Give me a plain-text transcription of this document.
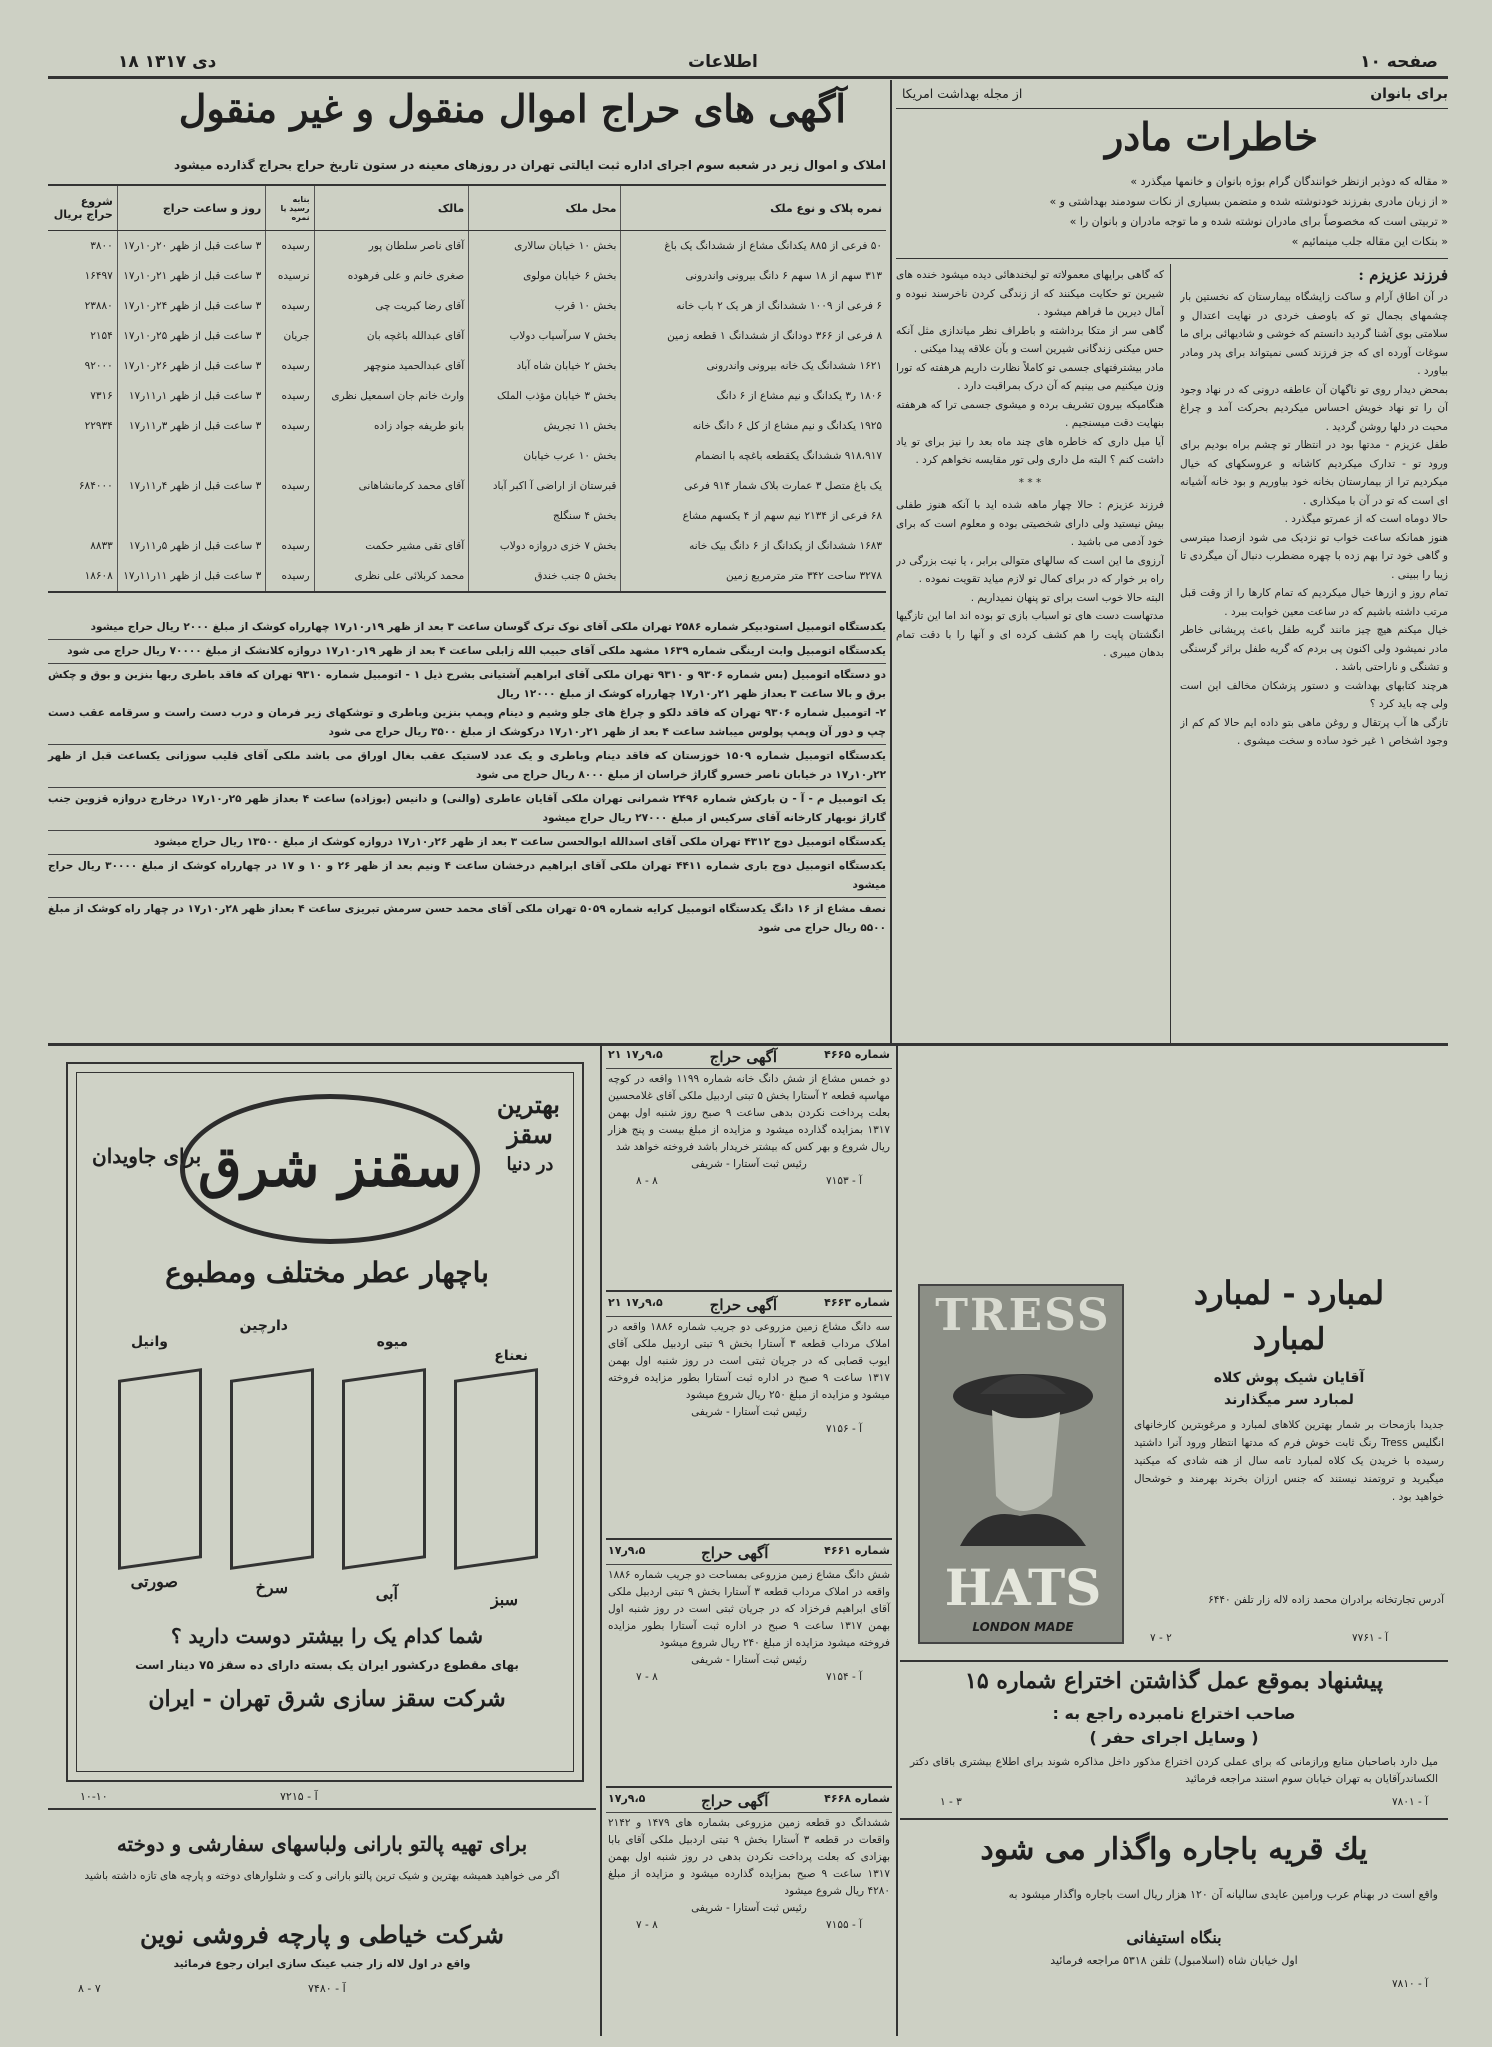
صفحه ۱۰
اطلاعات
۱۸ دی ۱۳۱۷
برای بانوان
از مجله بهداشت امریکا
خاطرات مادر

« مقاله که دوذیر ازنظر خوانندگان گرام بوژه بانوان و خانمها میگذرد »

« از زبان مادری بفرزند خودنوشته شده و متضمن بسیاری از نکات سودمند بهداشتی و »

« تربیتی است که مخصوصاً برای مادران نوشته شده و ما توجه مادران و بانوان را »

« بنکات این مقاله جلب مینمائیم »

فرزند عزیزم :

در آن اطاق آرام و ساکت زایشگاه بیمارستان که نخستین بار چشمهای بجمال تو که باوصف خردی در نهایت اعتدال و سلامتی بوی آشنا گردید دانستم که خوشی و شادیهائی برای ما سوغات آورده ای که جز فرزند کسی نمیتواند برای پدر ومادر بیاورد .

بمحض دیدار روی تو ناگهان آن عاطفه درونی که در نهاد وجود آن را تو نهاد خویش احساس میکردیم بحرکت آمد و چراغ محبت در دلها روشن گردید .

طفل عزیزم - مدتها بود در انتظار تو چشم براه بودیم برای ورود تو - تدارک میکردیم کاشانه و عروسکهای که خیال میکردیم ترا از بیمارستان بخانه خود بیاوریم و بود خانه آشیانه ای است که تو در آن با میکذاری .

حالا دوماه است که از عمرتو میگذرد .

هنوز همانکه ساعت خواب تو نزدیک می شود ازصدا میترسی و گاهی خود ترا بهم زده با چهره مضطرب دنبال آن میگردی تا زیبا را ببینی .

تمام روز و ازرها خیال میکردیم که تمام کارها را از وقت قبل مرتب داشته باشیم که در ساعت معین خوابت ببرد .

خیال میکنم هیچ چیز مانند گریه طفل باعث پریشانی خاطر مادر نمیشود ولی اکنون پی بردم که گریه طفل براثر گرسنگی و تشنگی و ناراحتی باشد .

هرچند کتابهای بهداشت و دستور پزشکان مخالف این است ولی چه باید کرد ؟

تازگی ها آب پرتقال و روغن ماهی بتو داده ایم حالا کم کم از وجود اشخاص ۱ غیر خود ساده و سخت میشوی .

که گاهی برایهای معمولاته تو لبخندهائی دیده میشود خنده های شیرین تو حکایت میکنند که از زندگی کردن ناخرسند نبوده و آمال دیرین ما فراهم میشود .

گاهی سر از متکا برداشته و باطراف نظر میاندازی مثل آنکه حس میکنی زندگانی شیرین است و بآن علاقه پیدا میکنی .

مادر بیشترفتهای جسمی تو کاملاً نظارت داریم هرهفته که تورا وزن میکنیم می بینیم که آن درک بمراقبت دارد .

هنگامیکه بیرون تشریف برده و میشوی جسمی ترا که هرهفته بنهایت دقت میسنجیم .

آیا میل داری که خاطره های چند ماه بعد را نیز برای تو یاد داشت کنم ؟ البته مل داری ولی تور مقایسه نخواهم کرد .

* * *

فرزند عزیزم : حالا چهار ماهه شده اید با آنکه هنوز طفلی بیش نیستید ولی دارای شخصیتی بوده و معلوم است که برای خود آدمی می باشید .

آرزوی ما این است که سالهای متوالی برابر ، یا نیت بزرگی در راه بر خوار که در برای کمال تو لازم میاید تقویت نموده .

البته حالا خوب است برای تو پنهان نمیداریم .

مدتهاست دست های تو اسباب بازی تو بوده اند اما این تازگیها انگشتان پایت را هم کشف کرده ای و آنها را با دقت تمام بدهان میبری .

آگهی های حراج اموال منقول و غیر منقول
املاک و اموال زیر در شعبه سوم اجرای اداره ثبت ایالتی تهران در روزهای معینه در ستون تاریخ حراج بحراج گذارده میشود
نمره پلاک و نوع ملک	محل ملک	مالک	بنابه رسید یا نمره	روز و ساعت حراج	شروع حراج بریال
۵۰ فرعی از ۸۸۵ یکدانگ مشاع از ششدانگ یک باغ	بخش ۱۰ خیابان سالاری	آقای ناصر سلطان پور	رسیده	۳ ساعت قبل از ظهر ۲۰ر۱۰ر۱۷	۳۸۰۰
۳۱۳ سهم از ۱۸ سهم ۶ دانگ بیرونی واندرونی	بخش ۶ خیابان مولوی	صغری خانم و علی فرهوده	نرسیده	۳ ساعت قبل از ظهر ۲۱ر۱۰ر۱۷	۱۶۴۹۷
۶ فرعی از ۱۰۰۹ ششدانگ از هر یک ۲ باب خانه	بخش ۱۰ قرب	آقای رضا کبریت چی	رسیده	۳ ساعت قبل از ظهر ۲۴ر۱۰ر۱۷	۲۳۸۸۰
۸ فرعی از ۳۶۶ دودانگ از ششدانگ ۱ قطعه زمین	بخش ۷ سرآسیاب دولاب	آقای عبدالله باغچه بان	جریان	۳ ساعت قبل از ظهر ۲۵ر۱۰ر۱۷	۲۱۵۴
۱۶۲۱ ششدانگ یک خانه بیرونی واندرونی	بخش ۲ خیابان شاه آباد	آقای عبدالحمید منوچهر	رسیده	۳ ساعت قبل از ظهر ۲۶ر۱۰ر۱۷	۹۲۰۰۰
۱۸۰۶ ر۳ یکدانگ و نیم مشاع از ۶ دانگ	بخش ۳ خیابان مؤذب الملک	وارث خانم جان اسمعیل نظری	رسیده	۳ ساعت قبل از ظهر ۱ر۱۱ر۱۷	۷۳۱۶
۱۹۲۵ یکدانگ و نیم مشاع از کل ۶ دانگ خانه	بخش ۱۱ تجریش	بانو طریفه جواد زاده	رسیده	۳ ساعت قبل از ظهر ۳ر۱۱ر۱۷	۲۲۹۳۴
۹۱۸،۹۱۷ ششدانگ یکقطعه باغچه با انضمام	بخش ۱۰ عرب خیابان				
یک باغ متصل ۳ عمارت بلاک شمار ۹۱۴ فرعی	قبرستان از اراضی آ اکبر آباد	آقای محمد کرمانشاهانی	رسیده	۳ ساعت قبل از ظهر ۴ر۱۱ر۱۷	۶۸۴۰۰۰
۶۸ فرعی از ۲۱۳۴ نیم سهم از ۴ یکسهم مشاع	بخش ۴ سنگلج				
۱۶۸۳ ششدانگ از یکدانگ از ۶ دانگ بیک خانه	بخش ۷ خزی دروازه دولاب	آقای تقی مشیر حکمت	رسیده	۳ ساعت قبل از ظهر ۵ر۱۱ر۱۷	۸۸۳۳
۳۲۷۸ ساحت ۳۴۲ متر مترمربع زمین	بخش ۵ جنب خندق	محمد کربلائی علی نظری	رسیده	۳ ساعت قبل از ظهر ۱۱ر۱۱ر۱۷	۱۸۶۰۸

یکدستگاه اتومبیل استودبیکر شماره ۲۵۸۶ تهران ملکی آقای نوک ترک گوسان ساعت ۳ بعد از ظهر ۱۹ر۱۰ر۱۷ چهارراه کوشک از مبلغ ۲۰۰۰ ریال حراج میشود

یکدستگاه اتومبیل وابت ارینگی شماره ۱۶۳۹ مشهد ملکی آقای حبیب الله زابلی ساعت ۴ بعد از ظهر ۱۹ر۱۰ر۱۷ دروازه کلانشک از مبلغ ۷۰۰۰۰ ریال حراج می شود

دو دستگاه اتومبیل (بس شماره ۹۳۰۶ و ۹۳۱۰ تهران ملکی آقای ابراهیم آشتیانی بشرح ذیل ۱ - اتومبیل شماره ۹۳۱۰ تهران که فاقد باطری ربها بنزین و بوق و چکش برق و بالا ساعت ۳ بعداز ظهر ۲۱ر۱۰ر۱۷ چهارراه کوشک از مبلغ ۱۲۰۰۰ ریال

۲- اتومبیل شماره ۹۳۰۶ تهران که فاقد دلکو و چراغ های جلو وشیم و دینام وپمپ بنزین وباطری و توشکهای زیر فرمان و درب دست راست و سرقامه عقب دست چپ و دور آن وپمپ پولوس میباشد ساعت ۴ بعد از ظهر ۲۱ر۱۰ر۱۷ درکوشک از مبلغ ۳۵۰۰ ریال حراج می شود

یکدستگاه اتومبیل شماره ۱۵۰۹ خوزستان که فاقد دینام وباطری و یک عدد لاستیک عقب بغال اوراق می باشد ملکی آقای قلیب سوزانی یکساعت قبل از ظهر ۲۲ر۱۰ر۱۷ در خیابان ناصر خسرو گاراژ خراسان از مبلغ ۸۰۰۰ ریال حراج می شود

یک اتومبیل م - آ - ن بارکش شماره ۲۴۹۶ شمرانی تهران ملکی آقایان عاطری (والنی) و دانیس (بوزاده) ساعت ۴ بعداز ظهر ۲۵ر۱۰ر۱۷ درخارج دروازه قزوین جنب گاراژ نوبهار کارخانه آقای سرکیس از مبلغ ۲۷۰۰۰ ریال حراج میشود

یکدستگاه اتومبیل دوج ۴۳۱۲ تهران ملکی آقای اسدالله ابوالحسن ساعت ۳ بعد از ظهر ۲۶ر۱۰ر۱۷ دروازه کوشک از مبلغ ۱۳۵۰۰ ریال حراج میشود

یکدستگاه اتومبیل دوج باری شماره ۴۴۱۱ تهران ملکی آقای ابراهیم درخشان ساعت ۴ ونیم بعد از ظهر ۲۶ و ۱۰ و ۱۷ در چهارراه کوشک از مبلغ ۳۰۰۰۰ ریال حراج میشود

نصف مشاع از ۱۶ دانگ یکدستگاه اتومبیل کرایه شماره ۵۰۵۹ تهران ملکی آقای محمد حسن سرمش تبریزی ساعت ۴ بعداز ظهر ۲۸ر۱۰ر۱۷ در چهار راه کوشک از مبلغ ۵۵۰۰ ریال حراج می شود

بهترین سقز
در دنیا
سقنز شرق
برای جاویدان
باچهار عطر مختلف ومطبوع
نعناع
میوه
دارچین
وانیل
سبز
آبی
سرخ
صورتی
شما کدام یک را بیشتر دوست دارید ؟
بهای مقطوع درکشور ایران یک بسته دارای ده سقز ۷۵ دینار است
شرکت سقز سازی شرق تهران - ایران
آ - ۷۲۱۵
۱۰-۱۰
برای تهیه پالتو بارانی ولباسهای سفارشی و دوخته
اگر می خواهید همیشه بهترین و شیک ترین پالتو بارانی و کت و شلوارهای دوخته و پارچه های تازه داشته باشید
شرکت خیاطی و پارچه فروشی نوین
واقع در اول لاله زار جنب عینک سازی ایران رجوع فرمائید
آ - ۷۴۸۰
۷ - ۸
شماره ۴۶۶۵
آگهی حراج
۹،۵ر۱۷ ۲۱

دو خمس مشاع از شش دانگ خانه شماره ۱۱۹۹ واقعه در کوچه مهاسپه قطعه ۲ آستارا بخش ۵ تبتی اردبیل ملکی آقای غلامحسین بعلت پرداخت نکردن بدهی ساعت ۹ صبح روز شنبه اول بهمن ۱۳۱۷ بمزایده گذارده میشود و مزایده از مبلغ بیست و پنج هزار ریال شروع و بهر کس که بیشتر خریدار باشد فروخته خواهد شد

رئیس ثبت آستارا - شریفی

آ - ۷۱۵۳
۸ - ۸
شماره ۴۶۶۳
آگهی حراج
۹،۵ر۱۷ ۲۱

سه دانگ مشاع زمین مزروعی دو جریب شماره ۱۸۸۶ واقعه در املاک مرداب قطعه ۳ آستارا بخش ۹ تبتی اردبیل ملکی آقای ایوب قصابی که در جریان ثبتی است در روز شنبه اول بهمن ۱۳۱۷ ساعت ۹ صبح در اداره ثبت آستارا بطور مزایده فروخته میشود و مزایده از مبلغ ۲۵۰ ریال شروع میشود

رئیس ثبت آستارا - شریفی

آ - ۷۱۵۶
شماره ۴۶۶۱
آگهی حراج
۹،۵ر۱۷

شش دانگ مشاع زمین مزروعی بمساحت دو جریب شماره ۱۸۸۶ واقعه در املاک مرداب قطعه ۳ آستارا بخش ۹ تبتی اردبیل ملکی آقای ابراهیم فرخزاد که در جریان ثبتی است در روز شنبه اول بهمن ۱۳۱۷ ساعت ۹ صبح در اداره ثبت آستارا بطور مزایده فروخته میشود مزایده از مبلغ ۲۴۰ ریال شروع میشود

رئیس ثبت آستارا - شریفی

آ - ۷۱۵۴
۸ - ۷
شماره ۴۶۶۸
آگهی حراج
۹،۵ر۱۷

ششدانگ دو قطعه زمین مزروعی بشماره های ۱۴۷۹ و ۲۱۴۲ واقعات در قطعه ۳ آستارا بخش ۹ تبتی اردبیل ملکی آقای بابا بهزادی که بعلت پرداخت نکردن بدهی در روز شنبه اول بهمن ۱۳۱۷ ساعت ۹ صبح بمزایده گذارده میشود و مزایده از مبلغ ۴۲۸۰ ریال شروع میشود

رئیس ثبت آستارا - شریفی

آ - ۷۱۵۵
۸ - ۷
TRESS
HATS
LONDON MADE
لمبارد - لمبارد
لمبارد
آقایان شیک پوش کلاه
لمبارد سر میگذارند
جدیدا بازمحات بر شمار بهترین کلاهای لمبارد و مرغوبترین کارخانهای انگلیس Tress رنگ ثابت خوش فرم که مدتها انتظار ورود آنرا داشتید رسیده با خریدن یک کلاه لمبارد تامه سال از هنه شادی که میکنید میگیرید و تروتمند نیستند که جنس ارزان بخرند بهرمند و خوشحال خواهید بود .
آدرس تجارتخانه برادران محمد زاده لاله زار تلفن ۶۴۴۰
آ - ۷۷۶۱
۲ - ۷
پیشنهاد بموقع عمل گذاشتن اختراع شماره ۱۵
صاحب اختراع نامبرده راجع به :
( وسایل اجرای حفر )
میل دارد باصاحبان منابع ورازمانی که برای عملی کردن اختراع مذکور داخل مذاکره شوند برای اطلاع بیشتری باقای دکتر الکساندرآقایان به تهران خیابان سوم استند مراجعه فرمائید
آ - ۷۸۰۱
۳ - ۱
یك قریه باجاره واگذار می شود
واقع است در بهنام عرب ورامین عایدی سالیانه آن ۱۲۰ هزار ریال است باجاره واگذار میشود به
بنگاه استیفانی
اول خیابان شاه (اسلامبول) تلفن ۵۳۱۸ مراجعه فرمائید
آ - ۷۸۱۰
